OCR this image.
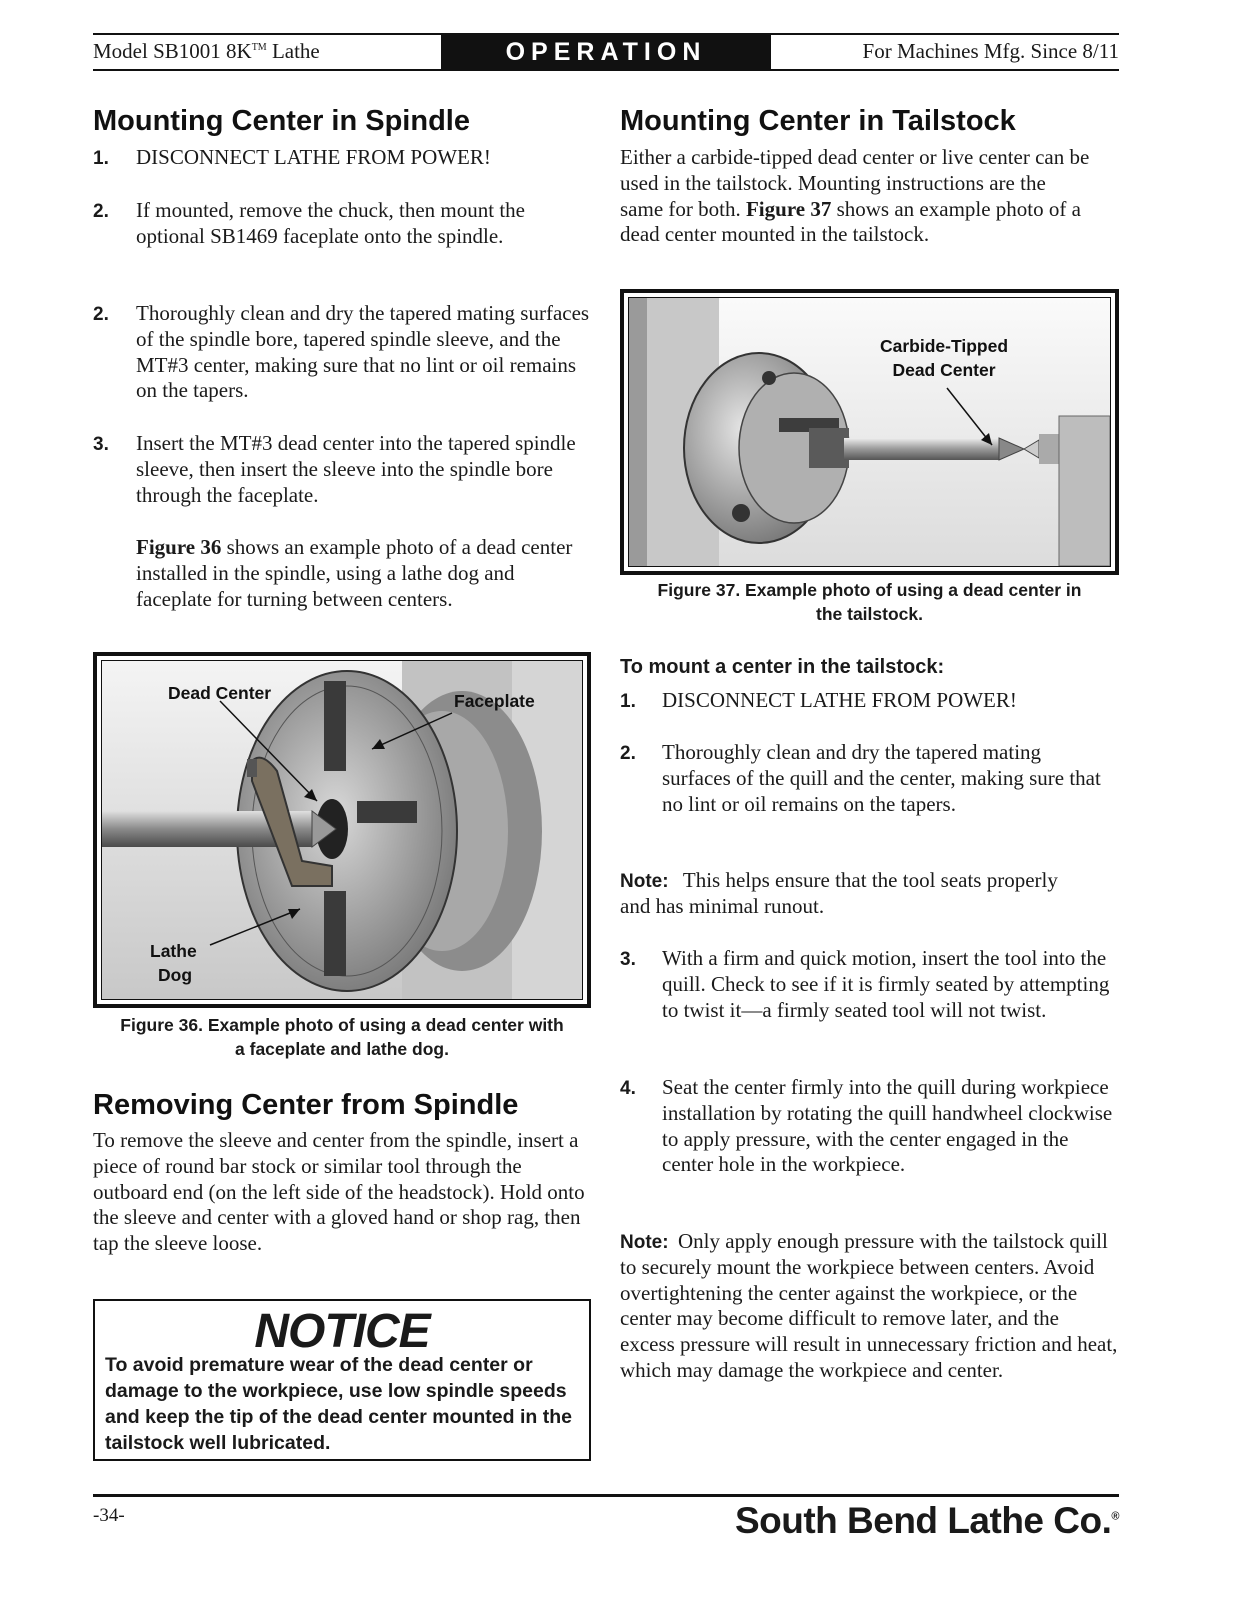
Model SB1001 8K™ Lathe	OPERATION	For Machines Mfg. Since 8/11
Mounting Center in Spindle
1. DISCONNECT LATHE FROM POWER!
2. If mounted, remove the chuck, then mount the optional SB1469 faceplate onto the spindle.
2. Thoroughly clean and dry the tapered mating surfaces of the spindle bore, tapered spindle sleeve, and the MT#3 center, making sure that no lint or oil remains on the tapers.
3. Insert the MT#3 dead center into the tapered spindle sleeve, then insert the sleeve into the spindle bore through the faceplate.
Figure 36 shows an example photo of a dead center installed in the spindle, using a lathe dog and faceplate for turning between centers.
Dead Center	Faceplate
Lathe
Dog
Figure 36. Example photo of using a dead center with
a faceplate and lathe dog.
Removing Center from Spindle
To remove the sleeve and center from the spindle, insert a piece of round bar stock or similar tool through the outboard end (on the left side of the headstock). Hold onto the sleeve and center with a gloved hand or shop rag, then tap the sleeve loose.
NOTICE
To avoid premature wear of the dead center or damage to the workpiece, use low spindle speeds and keep the tip of the dead center mounted in the tailstock well lubricated.
Mounting Center in Tailstock
Either a carbide-tipped dead center or live center can be used in the tailstock. Mounting instructions are the same for both. Figure 37 shows an example photo of a dead center mounted in the tailstock.
Carbide-Tipped
Dead Center
Figure 37. Example photo of using a dead center in
the tailstock.
To mount a center in the tailstock:
1. DISCONNECT LATHE FROM POWER!
2. Thoroughly clean and dry the tapered mating surfaces of the quill and the center, making sure that no lint or oil remains on the tapers.
Note: This helps ensure that the tool seats properly and has minimal runout.
3. With a firm and quick motion, insert the tool into the quill. Check to see if it is firmly seated by attempting to twist it—a firmly seated tool will not twist.
4. Seat the center firmly into the quill during workpiece installation by rotating the quill handwheel clockwise to apply pressure, with the center engaged in the center hole in the workpiece.
Note: Only apply enough pressure with the tailstock quill to securely mount the workpiece between centers. Avoid overtightening the center against the workpiece, or the center may become difficult to remove later, and the excess pressure will result in unnecessary friction and heat, which may damage the workpiece and center.
-34-	South Bend Lathe Co.®
